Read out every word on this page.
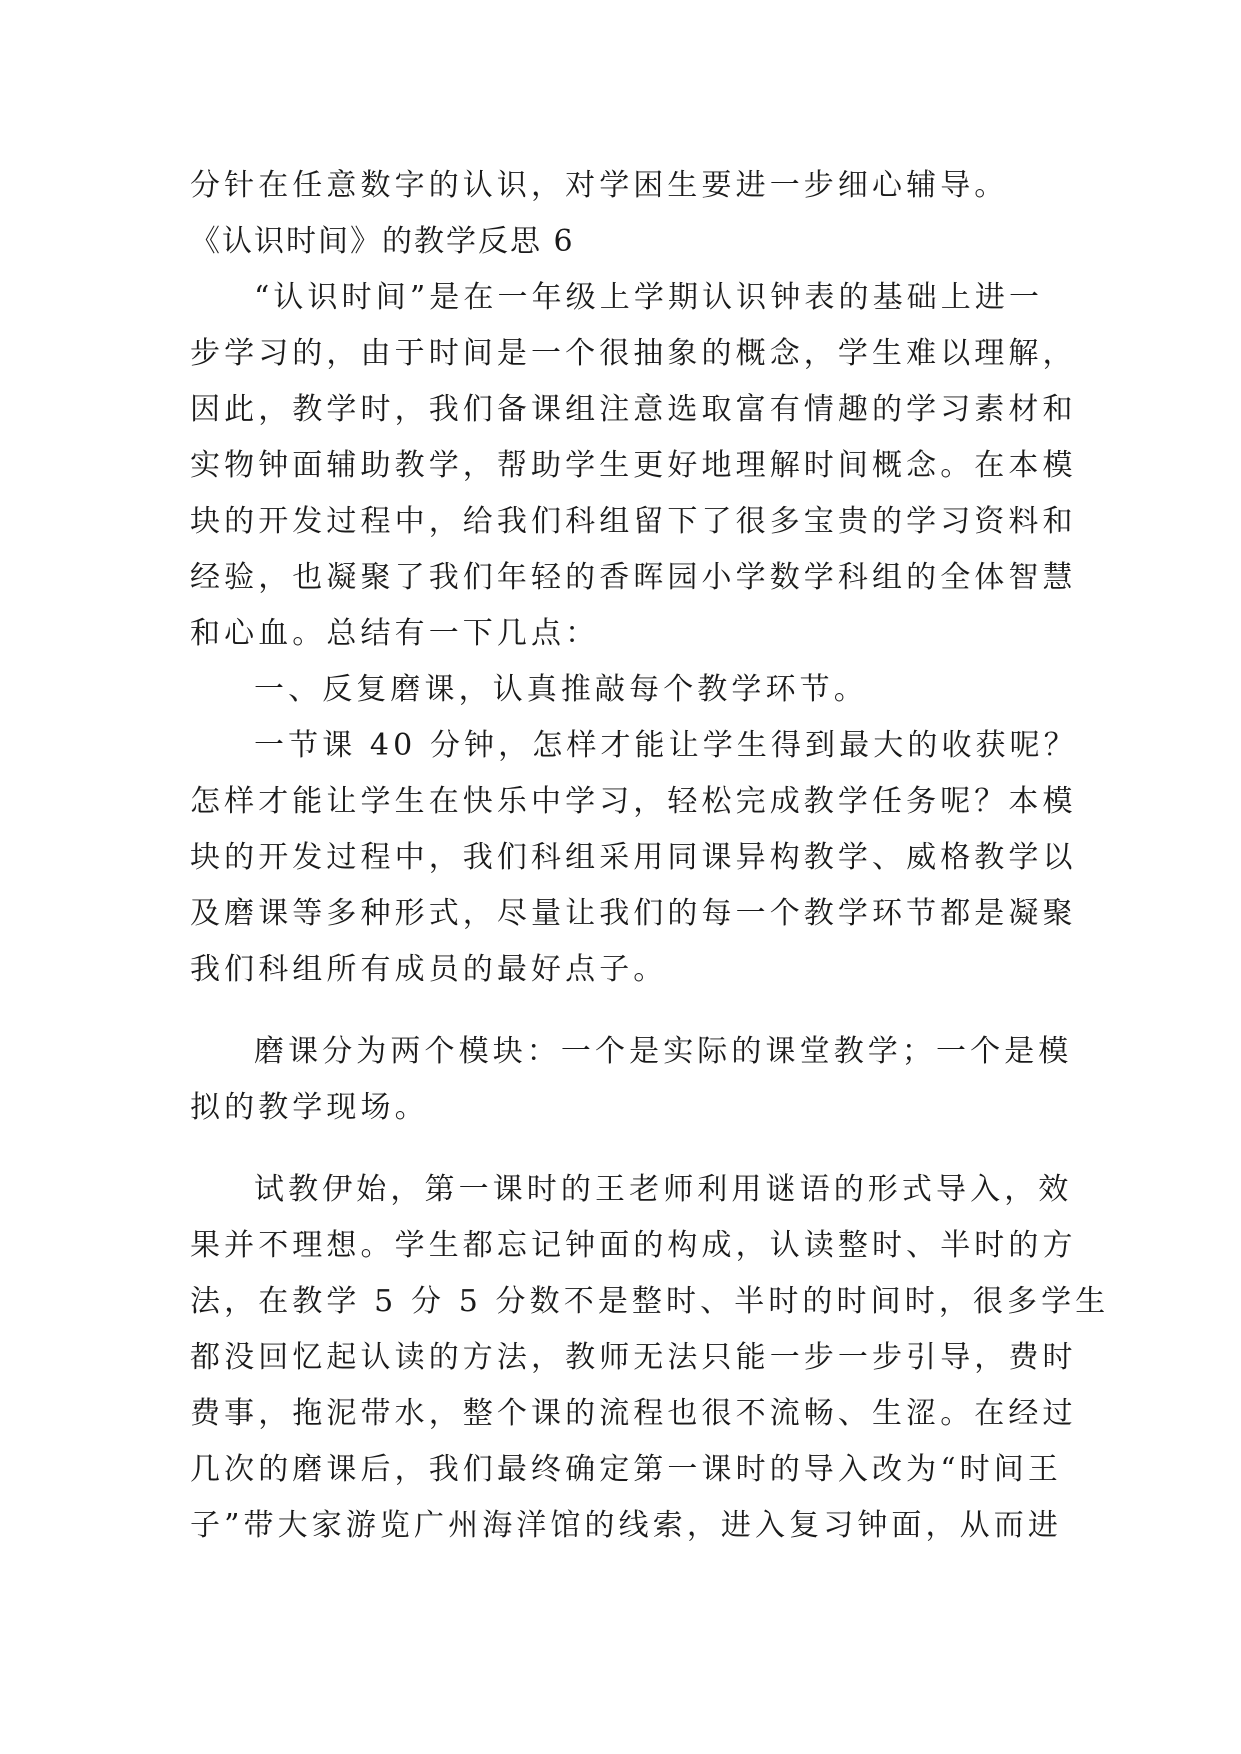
分针在任意数字的认识，对学困生要进一步细心辅导。

《认识时间》的教学反思 6

“认识时间”是在一年级上学期认识钟表的基础上进一

步学习的，由于时间是一个很抽象的概念，学生难以理解，

因此，教学时，我们备课组注意选取富有情趣的学习素材和

实物钟面辅助教学，帮助学生更好地理解时间概念。在本模

块的开发过程中，给我们科组留下了很多宝贵的学习资料和

经验，也凝聚了我们年轻的香晖园小学数学科组的全体智慧

和心血。总结有一下几点：

一、反复磨课，认真推敲每个教学环节。

一节课 40 分钟，怎样才能让学生得到最大的收获呢？

怎样才能让学生在快乐中学习，轻松完成教学任务呢？本模

块的开发过程中，我们科组采用同课异构教学、威格教学以

及磨课等多种形式，尽量让我们的每一个教学环节都是凝聚

我们科组所有成员的最好点子。

磨课分为两个模块：一个是实际的课堂教学；一个是模

拟的教学现场。

试教伊始，第一课时的王老师利用谜语的形式导入，效

果并不理想。学生都忘记钟面的构成，认读整时、半时的方

法，在教学 5 分 5 分数不是整时、半时的时间时，很多学生

都没回忆起认读的方法，教师无法只能一步一步引导，费时

费事，拖泥带水，整个课的流程也很不流畅、生涩。在经过

几次的磨课后，我们最终确定第一课时的导入改为“时间王

子”带大家游览广州海洋馆的线索，进入复习钟面，从而进
